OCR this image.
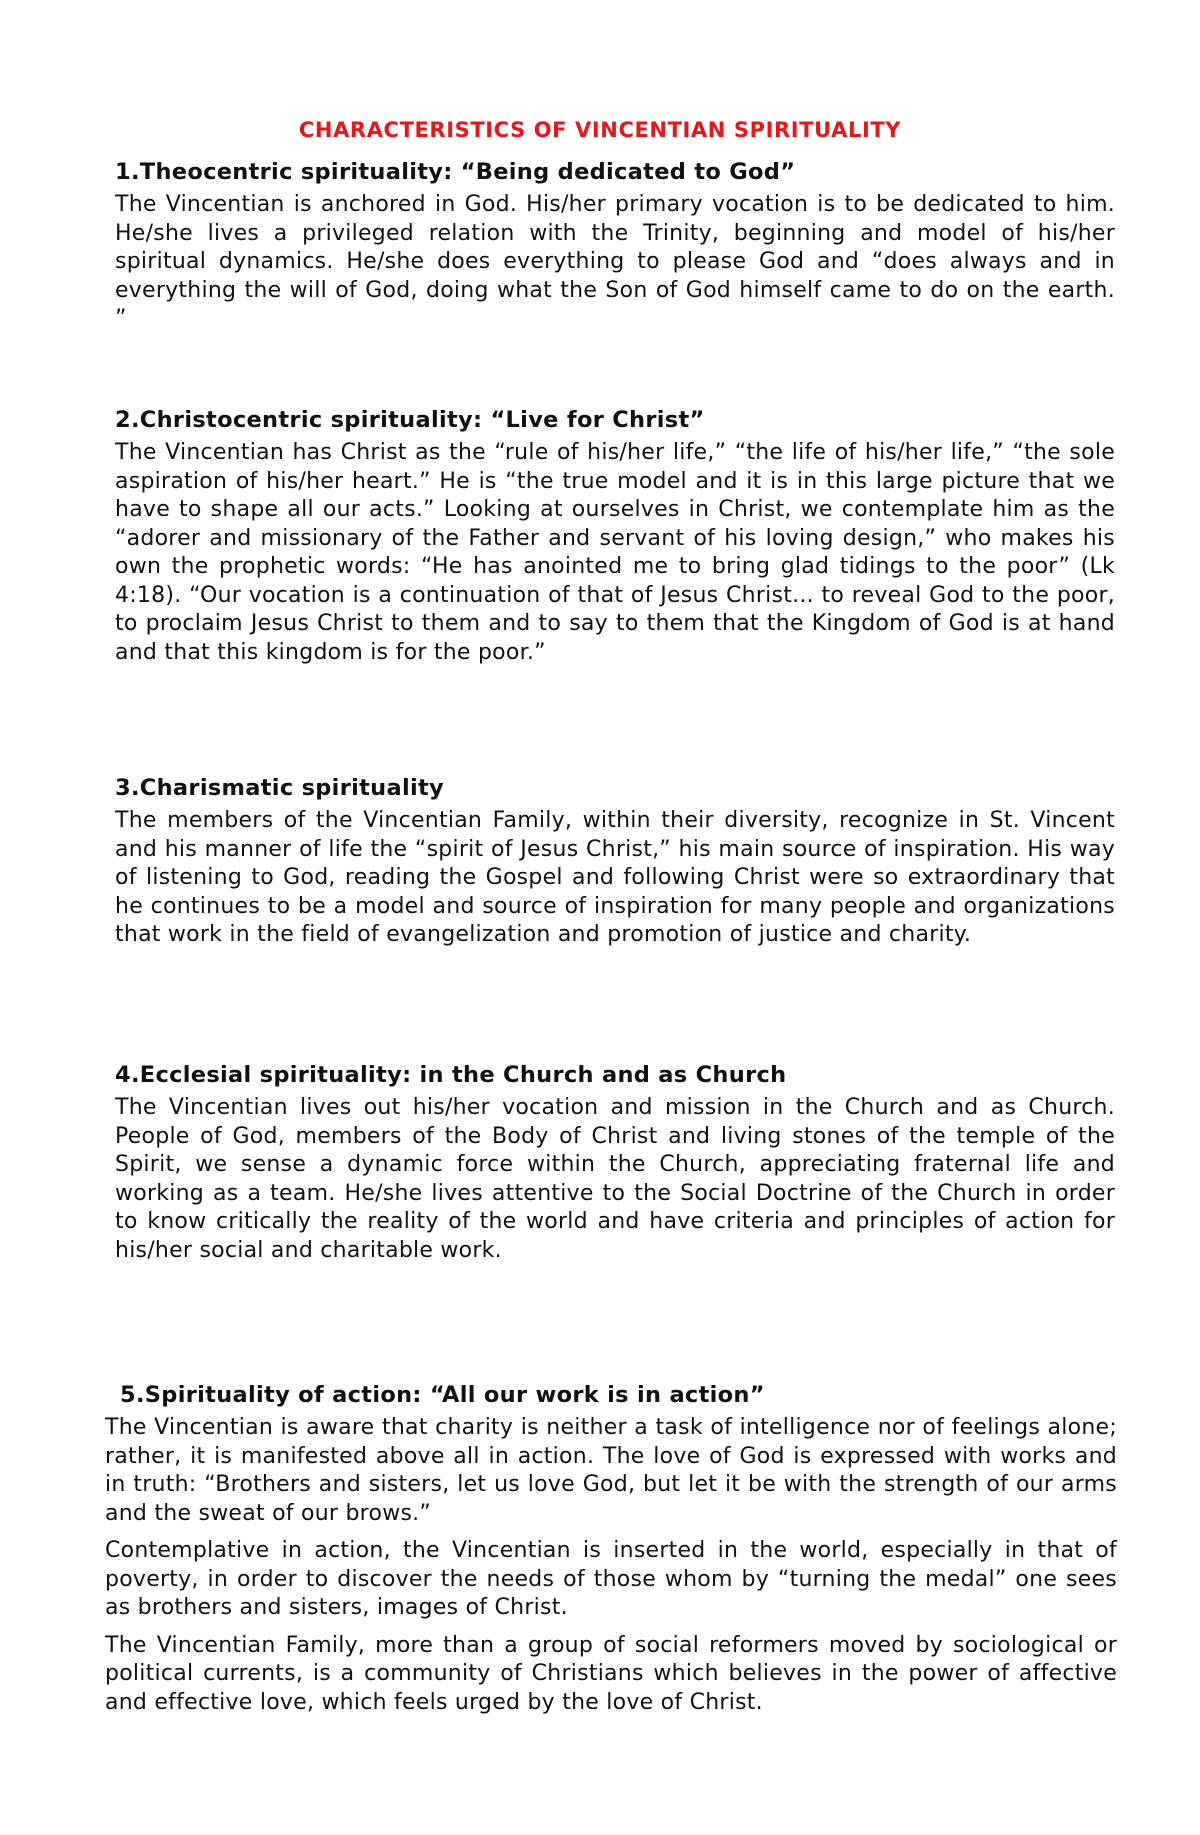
CHARACTERISTICS OF VINCENTIAN SPIRITUALITY
1.Theocentric spirituality: “Being dedicated to God”

The Vincentian is anchored in God. His/her primary vocation is to be dedicated to him. He/she lives a privileged relation with the Trinity, beginning and model of his/her spiritual dynamics. He/she does everything to please God and “does always and in everything the will of God, doing what the Son of God himself came to do on the earth. ”

2.Christocentric spirituality: “Live for Christ”

The Vincentian has Christ as the “rule of his/her life,” “the life of his/her life,” “the sole aspiration of his/her heart.” He is “the true model and it is in this large picture that we have to shape all our acts.” Looking at ourselves in Christ, we contemplate him as the “adorer and missionary of the Father and servant of his loving design,” who makes his own the prophetic words: “He has anointed me to bring glad tidings to the poor” (Lk 4:18). “Our vocation is a continuation of that of Jesus Christ... to reveal God to the poor, to proclaim Jesus Christ to them and to say to them that the Kingdom of God is at hand and that this kingdom is for the poor.”

3.Charismatic spirituality

The members of the Vincentian Family, within their diversity, recognize in St. Vincent and his manner of life the “spirit of Jesus Christ,” his main source of inspiration. His way of listening to God, reading the Gospel and following Christ were so extraordinary that he continues to be a model and source of inspiration for many people and organizations that work in the field of evangelization and promotion of justice and charity.

4.Ecclesial spirituality: in the Church and as Church

The Vincentian lives out his/her vocation and mission in the Church and as Church. People of God, members of the Body of Christ and living stones of the temple of the Spirit, we sense a dynamic force within the Church, appreciating fraternal life and working as a team. He/she lives attentive to the Social Doctrine of the Church in order to know critically the reality of the world and have criteria and principles of action for his/her social and charitable work.

5.Spirituality of action: “All our work is in action”

The Vincentian is aware that charity is neither a task of intelligence nor of feelings alone; rather, it is manifested above all in action. The love of God is expressed with works and in truth: “Brothers and sisters, let us love God, but let it be with the strength of our arms and the sweat of our brows.”

Contemplative in action, the Vincentian is inserted in the world, especially in that of poverty, in order to discover the needs of those whom by “turning the medal” one sees as brothers and sisters, images of Christ.

The Vincentian Family, more than a group of social reformers moved by sociological or political currents, is a community of Christians which believes in the power of affective and effective love, which feels urged by the love of Christ.
